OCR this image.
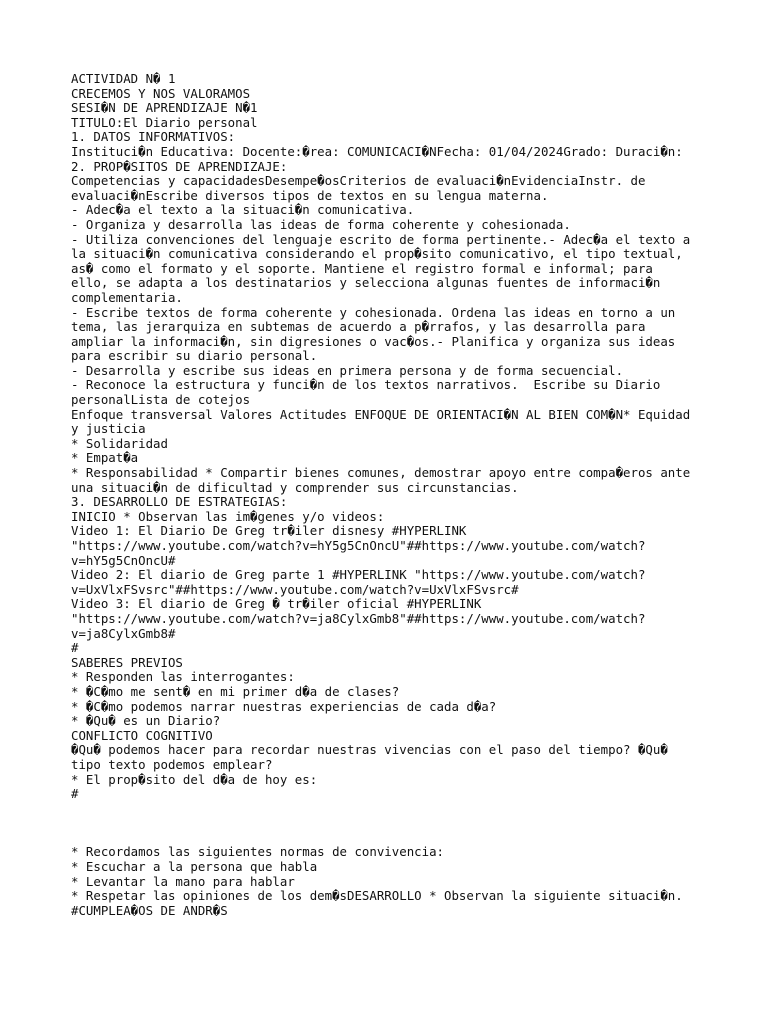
ACTIVIDAD N� 1
CRECEMOS Y NOS VALORAMOS
SESI�N DE APRENDIZAJE N�1
TITULO:El Diario personal
1. DATOS INFORMATIVOS:
Instituci�n Educativa: Docente:�rea: COMUNICACI�NFecha: 01/04/2024Grado: Duraci�n:
2. PROP�SITOS DE APRENDIZAJE:
Competencias y capacidadesDesempe�osCriterios de evaluaci�nEvidenciaInstr. de
evaluaci�nEscribe diversos tipos de textos en su lengua materna.
- Adec�a el texto a la situaci�n comunicativa.
- Organiza y desarrolla las ideas de forma coherente y cohesionada.
- Utiliza convenciones del lenguaje escrito de forma pertinente.- Adec�a el texto a
la situaci�n comunicativa considerando el prop�sito comunicativo, el tipo textual,
as� como el formato y el soporte. Mantiene el registro formal e informal; para
ello, se adapta a los destinatarios y selecciona algunas fuentes de informaci�n
complementaria.
- Escribe textos de forma coherente y cohesionada. Ordena las ideas en torno a un
tema, las jerarquiza en subtemas de acuerdo a p�rrafos, y las desarrolla para
ampliar la informaci�n, sin digresiones o vac�os.- Planifica y organiza sus ideas
para escribir su diario personal.
- Desarrolla y escribe sus ideas en primera persona y de forma secuencial.
- Reconoce la estructura y funci�n de los textos narrativos.  Escribe su Diario
personalLista de cotejos
Enfoque transversal Valores Actitudes ENFOQUE DE ORIENTACI�N AL BIEN COM�N* Equidad
y justicia
* Solidaridad
* Empat�a
* Responsabilidad * Compartir bienes comunes, demostrar apoyo entre compa�eros ante
una situaci�n de dificultad y comprender sus circunstancias.
3. DESARROLLO DE ESTRATEGIAS:
INICIO * Observan las im�genes y/o videos:
Video 1: El Diario De Greg tr�iler disnesy #HYPERLINK
"https://www.youtube.com/watch?v=hY5g5CnOncU"##https://www.youtube.com/watch?
v=hY5g5CnOncU#
Video 2: El diario de Greg parte 1 #HYPERLINK "https://www.youtube.com/watch?
v=UxVlxFSvsrc"##https://www.youtube.com/watch?v=UxVlxFSvsrc#
Video 3: El diario de Greg � tr�iler oficial #HYPERLINK
"https://www.youtube.com/watch?v=ja8CylxGmb8"##https://www.youtube.com/watch?
v=ja8CylxGmb8#
#
SABERES PREVIOS
* Responden las interrogantes:
* �C�mo me sent� en mi primer d�a de clases?
* �C�mo podemos narrar nuestras experiencias de cada d�a?
* �Qu� es un Diario?
CONFLICTO COGNITIVO
�Qu� podemos hacer para recordar nuestras vivencias con el paso del tiempo? �Qu�
tipo texto podemos emplear?
* El prop�sito del d�a de hoy es:
#
* Recordamos las siguientes normas de convivencia:
* Escuchar a la persona que habla
* Levantar la mano para hablar
* Respetar las opiniones de los dem�sDESARROLLO * Observan la siguiente situaci�n.
#CUMPLEA�OS DE ANDR�S
